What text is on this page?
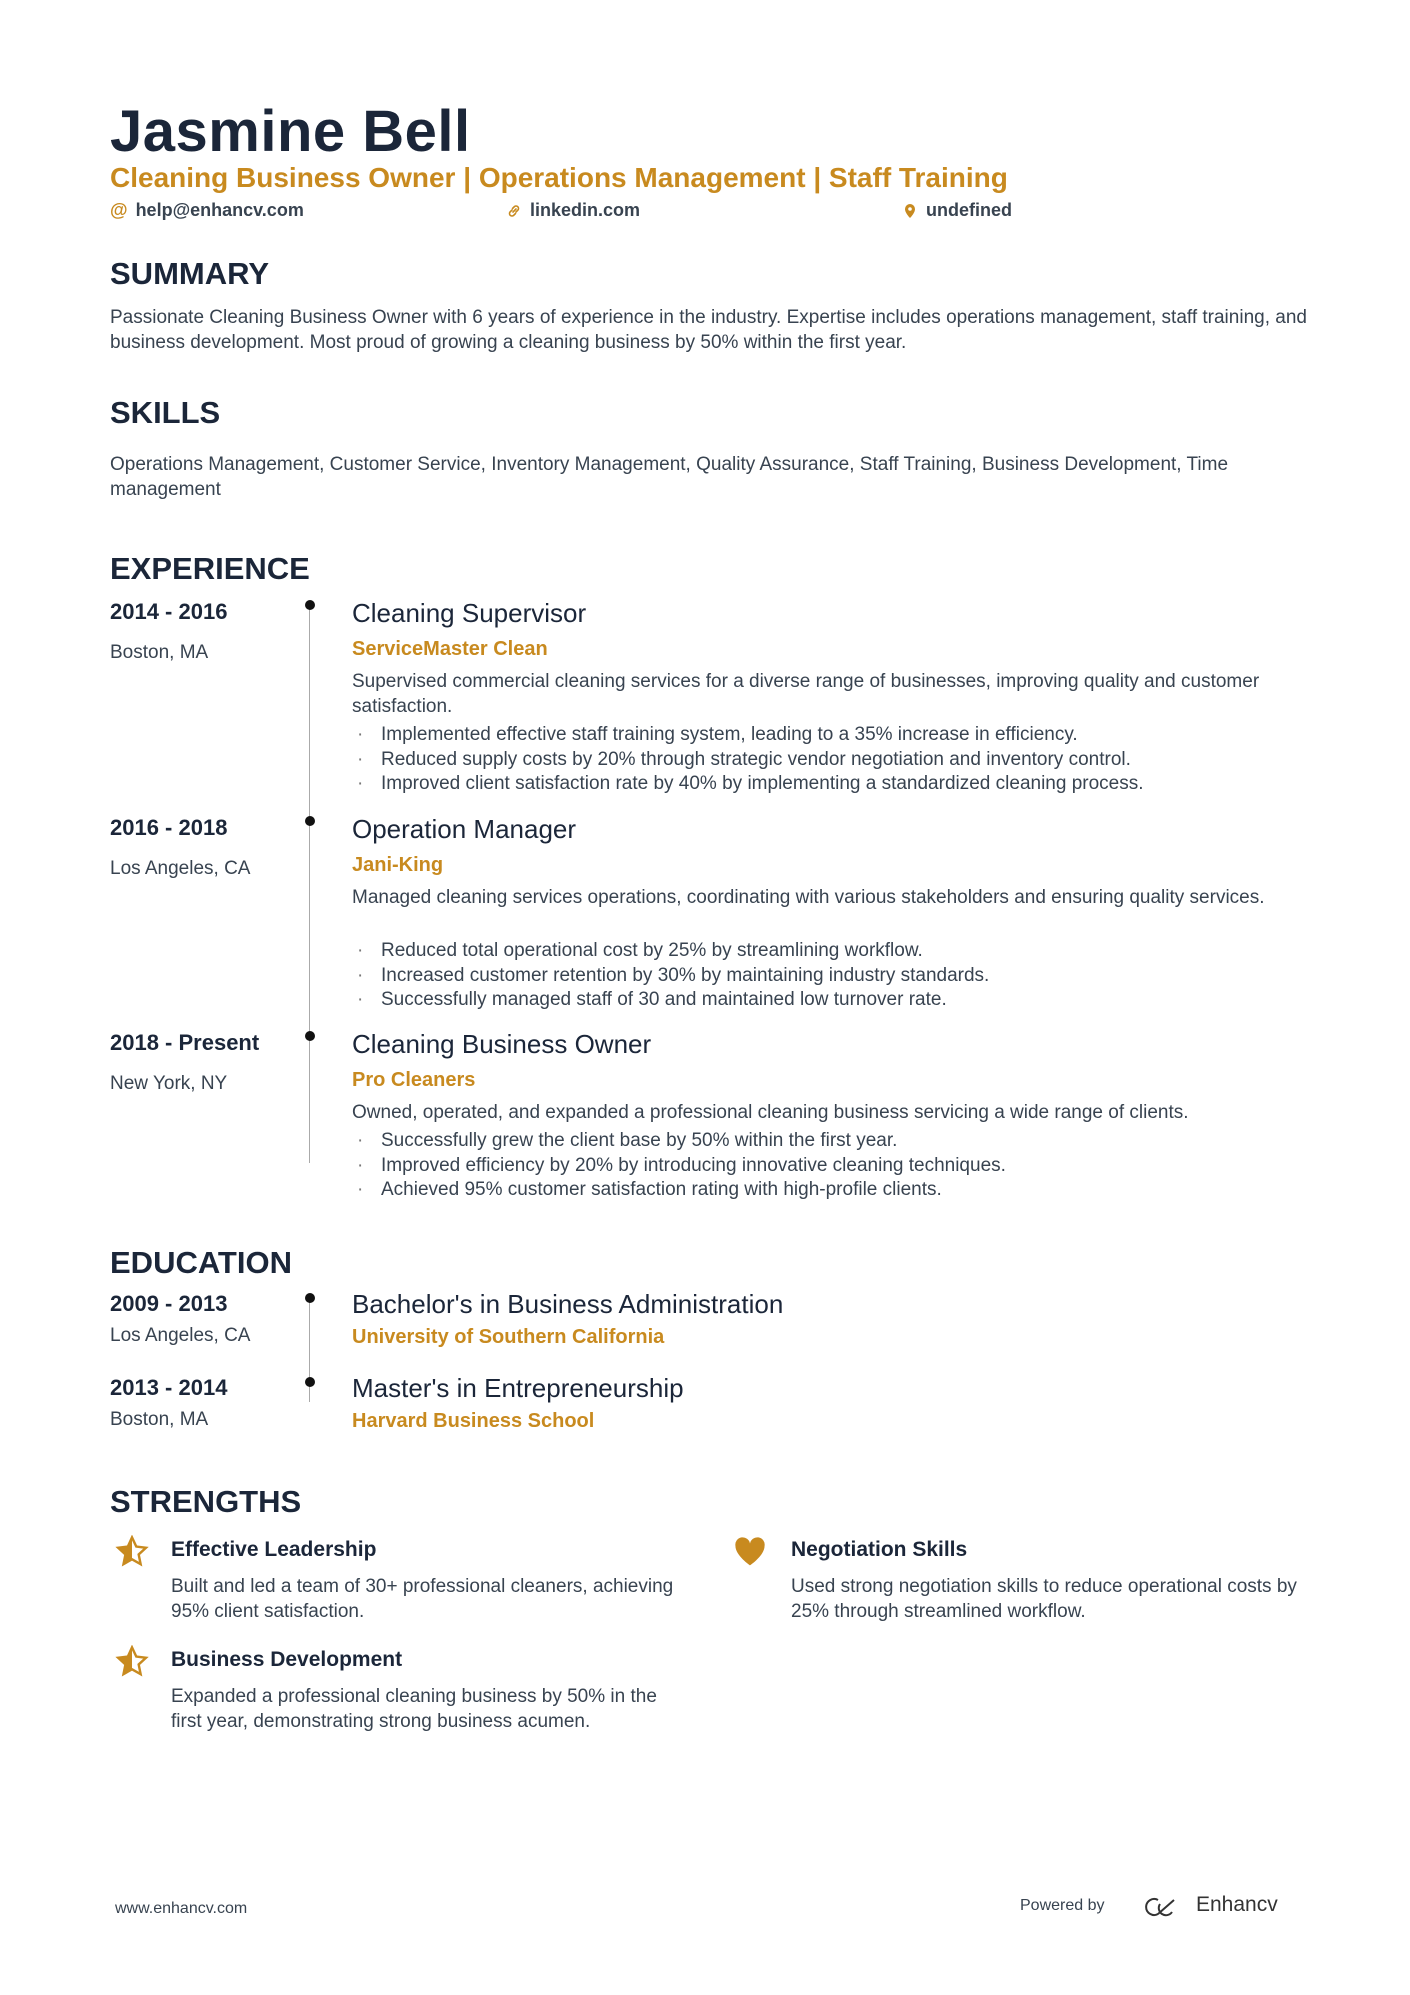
Jasmine Bell
Cleaning Business Owner | Operations Management | Staff Training
@ help@enhancv.com	linkedin.com	undefined
SUMMARY
Passionate Cleaning Business Owner with 6 years of experience in the industry. Expertise includes operations management, staff training, and business development. Most proud of growing a cleaning business by 50% within the first year.
SKILLS
Operations Management, Customer Service, Inventory Management, Quality Assurance, Staff Training, Business Development, Time management
EXPERIENCE
2014 - 2016
Boston, MA
Cleaning Supervisor
ServiceMaster Clean
Supervised commercial cleaning services for a diverse range of businesses, improving quality and customer satisfaction.
· Implemented effective staff training system, leading to a 35% increase in efficiency.
· Reduced supply costs by 20% through strategic vendor negotiation and inventory control.
· Improved client satisfaction rate by 40% by implementing a standardized cleaning process.
2016 - 2018
Los Angeles, CA
Operation Manager
Jani-King
Managed cleaning services operations, coordinating with various stakeholders and ensuring quality services.
· Reduced total operational cost by 25% by streamlining workflow.
· Increased customer retention by 30% by maintaining industry standards.
· Successfully managed staff of 30 and maintained low turnover rate.
2018 - Present
New York, NY
Cleaning Business Owner
Pro Cleaners
Owned, operated, and expanded a professional cleaning business servicing a wide range of clients.
· Successfully grew the client base by 50% within the first year.
· Improved efficiency by 20% by introducing innovative cleaning techniques.
· Achieved 95% customer satisfaction rating with high-profile clients.
EDUCATION
2009 - 2013
Los Angeles, CA
Bachelor's in Business Administration
University of Southern California
2013 - 2014
Boston, MA
Master's in Entrepreneurship
Harvard Business School
STRENGTHS
Effective Leadership
Built and led a team of 30+ professional cleaners, achieving 95% client satisfaction.
Negotiation Skills
Used strong negotiation skills to reduce operational costs by 25% through streamlined workflow.
Business Development
Expanded a professional cleaning business by 50% in the first year, demonstrating strong business acumen.
www.enhancv.com	Powered by	Enhancv
